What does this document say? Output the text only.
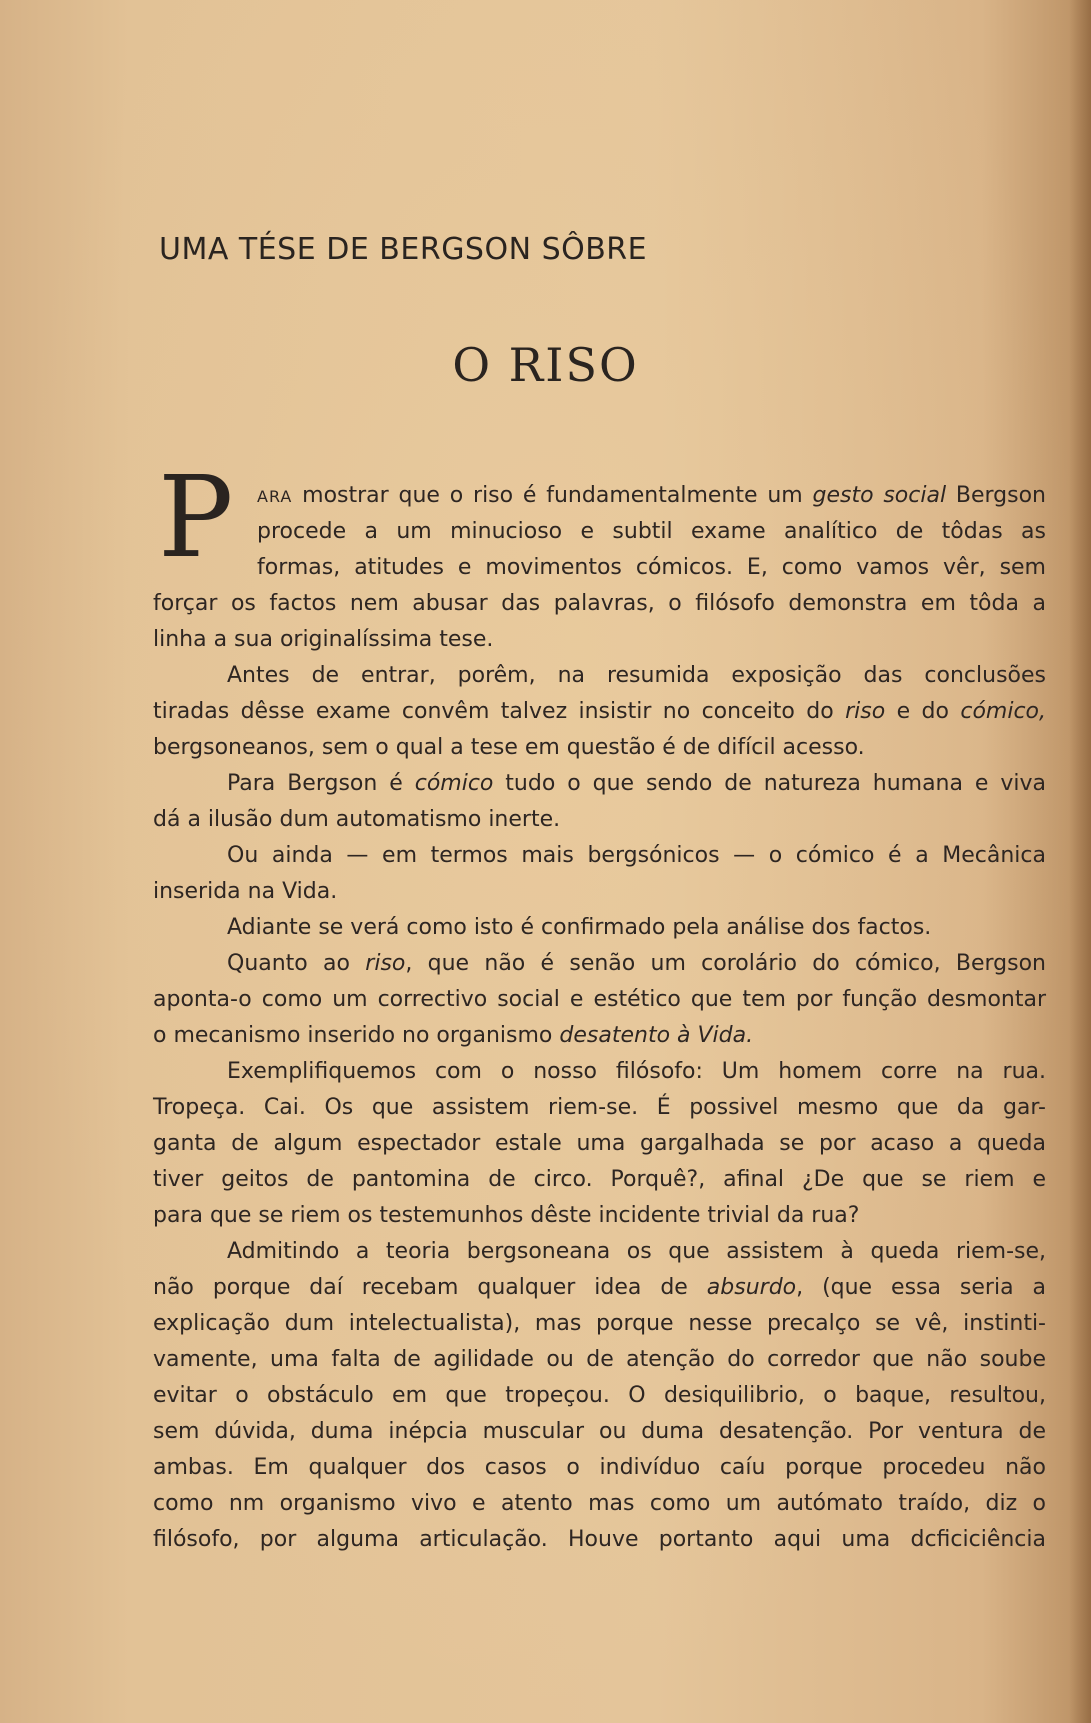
UMA TÉSE DE BERGSON SÔBRE
O RISO
P	ARA mostrar que o riso é fundamentalmente um gesto social Bergson
procede a um minucioso e subtil exame analítico de tôdas as
formas, atitudes e movimentos cómicos. E, como vamos vêr, sem
forçar os factos nem abusar das palavras, o filósofo demonstra em tôda a
linha a sua originalíssima tese.
Antes de entrar, porêm, na resumida exposição das conclusões
tiradas dêsse exame convêm talvez insistir no conceito do riso e do cómico,
bergsoneanos, sem o qual a tese em questão é de difícil acesso.
Para Bergson é cómico tudo o que sendo de natureza humana e viva
dá a ilusão dum automatismo inerte.
Ou ainda — em termos mais bergsónicos — o cómico é a Mecânica
inserida na Vida.
Adiante se verá como isto é confirmado pela análise dos factos.
Quanto ao riso, que não é senão um corolário do cómico, Bergson
aponta-o como um correctivo social e estético que tem por função desmontar
o mecanismo inserido no organismo desatento à Vida.
Exemplifiquemos com o nosso filósofo: Um homem corre na rua.
Tropeça. Cai. Os que assistem riem-se. É possivel mesmo que da gar-
ganta de algum espectador estale uma gargalhada se por acaso a queda
tiver geitos de pantomina de circo. Porquê?, afinal ¿De que se riem e
para que se riem os testemunhos dêste incidente trivial da rua?
Admitindo a teoria bergsoneana os que assistem à queda riem-se,
não porque daí recebam qualquer idea de absurdo, (que essa seria a
explicação dum intelectualista), mas porque nesse precalço se vê, instinti-
vamente, uma falta de agilidade ou de atenção do corredor que não soube
evitar o obstáculo em que tropeçou. O desiquilibrio, o baque, resultou,
sem dúvida, duma inépcia muscular ou duma desatenção. Por ventura de
ambas. Em qualquer dos casos o indivíduo caíu porque procedeu não
como nm organismo vivo e atento mas como um autómato traído, diz o
filósofo, por alguma articulação. Houve portanto aqui uma dcficiciência
